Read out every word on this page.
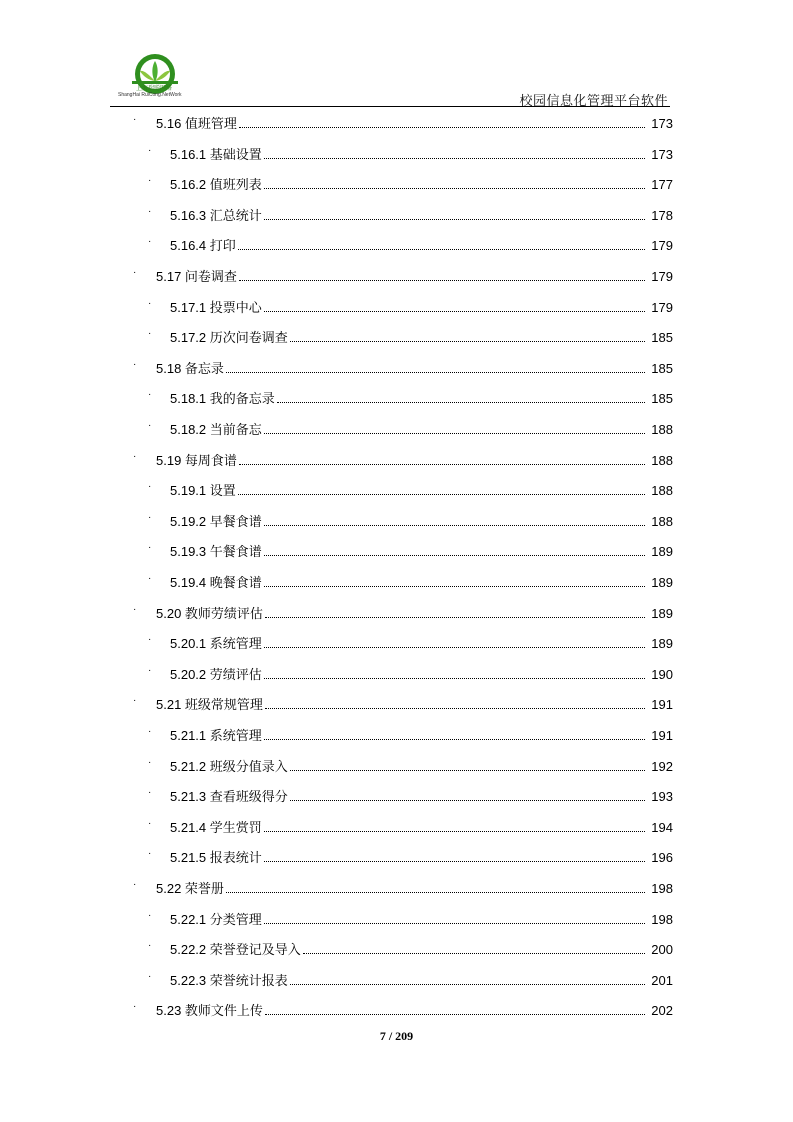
上海瑞聪网络
ShangHai RuiCong.NetWork	校园信息化管理平台软件
· 5.16 值班管理	173
· 5.16.1 基础设置	173
· 5.16.2 值班列表	177
· 5.16.3 汇总统计	178
· 5.16.4 打印	179
· 5.17 问卷调查	179
· 5.17.1 投票中心	179
· 5.17.2 历次问卷调查	185
· 5.18 备忘录	185
· 5.18.1 我的备忘录	185
· 5.18.2 当前备忘	188
· 5.19 每周食谱	188
· 5.19.1 设置	188
· 5.19.2 早餐食谱	188
· 5.19.3 午餐食谱	189
· 5.19.4 晚餐食谱	189
· 5.20 教师劳绩评估	189
· 5.20.1 系统管理	189
· 5.20.2 劳绩评估	190
· 5.21 班级常规管理	191
· 5.21.1 系统管理	191
· 5.21.2 班级分值录入	192
· 5.21.3 查看班级得分	193
· 5.21.4 学生赏罚	194
· 5.21.5 报表统计	196
· 5.22 荣誉册	198
· 5.22.1 分类管理	198
· 5.22.2 荣誉登记及导入	200
· 5.22.3 荣誉统计报表	201
· 5.23 教师文件上传	202
7 / 209
